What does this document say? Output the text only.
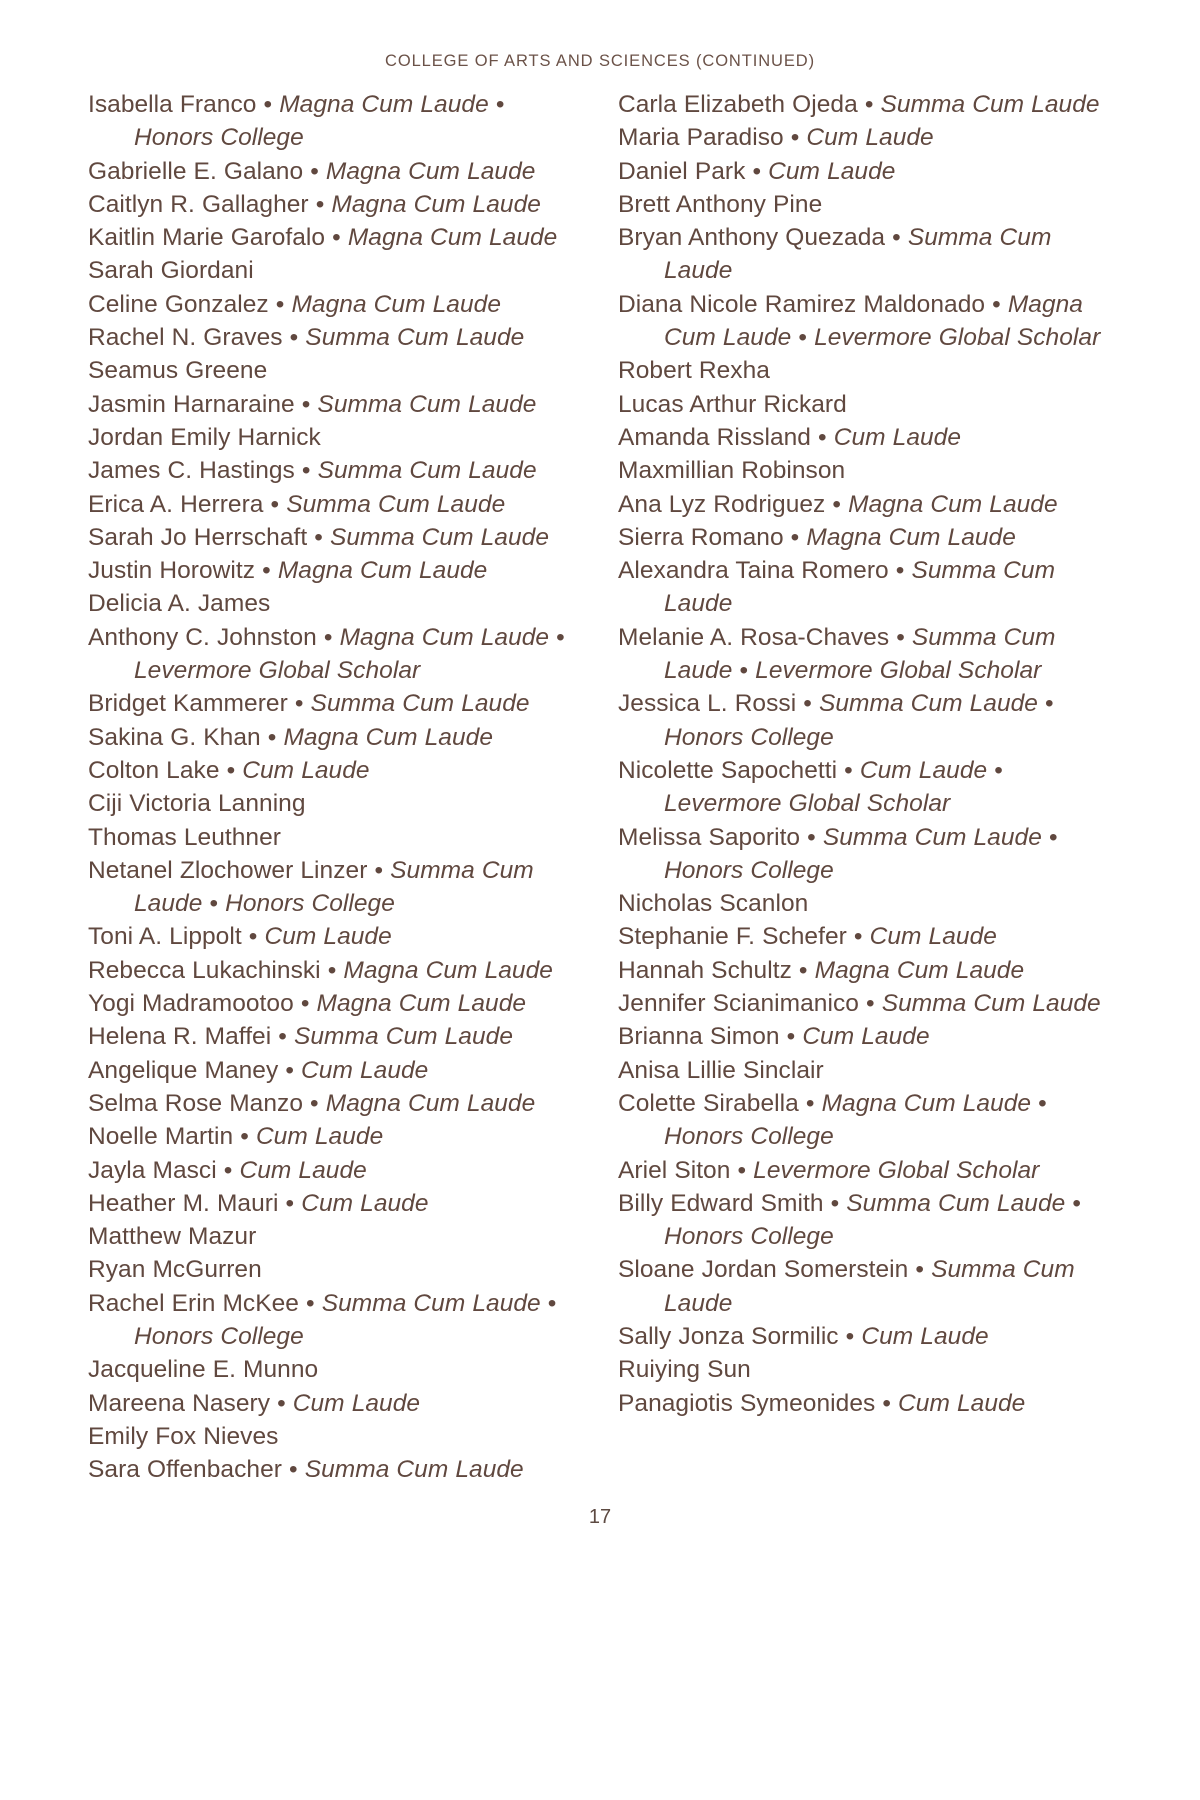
COLLEGE OF ARTS AND SCIENCES (CONTINUED)
Isabella Franco • Magna Cum Laude • Honors College
Gabrielle E. Galano • Magna Cum Laude
Caitlyn R. Gallagher • Magna Cum Laude
Kaitlin Marie Garofalo • Magna Cum Laude
Sarah Giordani
Celine Gonzalez • Magna Cum Laude
Rachel N. Graves • Summa Cum Laude
Seamus Greene
Jasmin Harnaraine • Summa Cum Laude
Jordan Emily Harnick
James C. Hastings • Summa Cum Laude
Erica A. Herrera • Summa Cum Laude
Sarah Jo Herrschaft • Summa Cum Laude
Justin Horowitz • Magna Cum Laude
Delicia A. James
Anthony C. Johnston • Magna Cum Laude • Levermore Global Scholar
Bridget Kammerer • Summa Cum Laude
Sakina G. Khan • Magna Cum Laude
Colton Lake • Cum Laude
Ciji Victoria Lanning
Thomas Leuthner
Netanel Zlochower Linzer • Summa Cum Laude • Honors College
Toni A. Lippolt • Cum Laude
Rebecca Lukachinski • Magna Cum Laude
Yogi Madramootoo • Magna Cum Laude
Helena R. Maffei • Summa Cum Laude
Angelique Maney • Cum Laude
Selma Rose Manzo • Magna Cum Laude
Noelle Martin • Cum Laude
Jayla Masci • Cum Laude
Heather M. Mauri • Cum Laude
Matthew Mazur
Ryan McGurren
Rachel Erin McKee • Summa Cum Laude • Honors College
Jacqueline E. Munno
Mareena Nasery • Cum Laude
Emily Fox Nieves
Sara Offenbacher • Summa Cum Laude
Carla Elizabeth Ojeda • Summa Cum Laude
Maria Paradiso • Cum Laude
Daniel Park • Cum Laude
Brett Anthony Pine
Bryan Anthony Quezada • Summa Cum Laude
Diana Nicole Ramirez Maldonado • Magna Cum Laude • Levermore Global Scholar
Robert Rexha
Lucas Arthur Rickard
Amanda Rissland • Cum Laude
Maxmillian Robinson
Ana Lyz Rodriguez • Magna Cum Laude
Sierra Romano • Magna Cum Laude
Alexandra Taina Romero • Summa Cum Laude
Melanie A. Rosa-Chaves • Summa Cum Laude • Levermore Global Scholar
Jessica L. Rossi • Summa Cum Laude • Honors College
Nicolette Sapochetti • Cum Laude • Levermore Global Scholar
Melissa Saporito • Summa Cum Laude • Honors College
Nicholas Scanlon
Stephanie F. Schefer • Cum Laude
Hannah Schultz • Magna Cum Laude
Jennifer Scianimanico • Summa Cum Laude
Brianna Simon • Cum Laude
Anisa Lillie Sinclair
Colette Sirabella • Magna Cum Laude • Honors College
Ariel Siton • Levermore Global Scholar
Billy Edward Smith • Summa Cum Laude • Honors College
Sloane Jordan Somerstein • Summa Cum Laude
Sally Jonza Sormilic • Cum Laude
Ruiying Sun
Panagiotis Symeonides • Cum Laude
17
